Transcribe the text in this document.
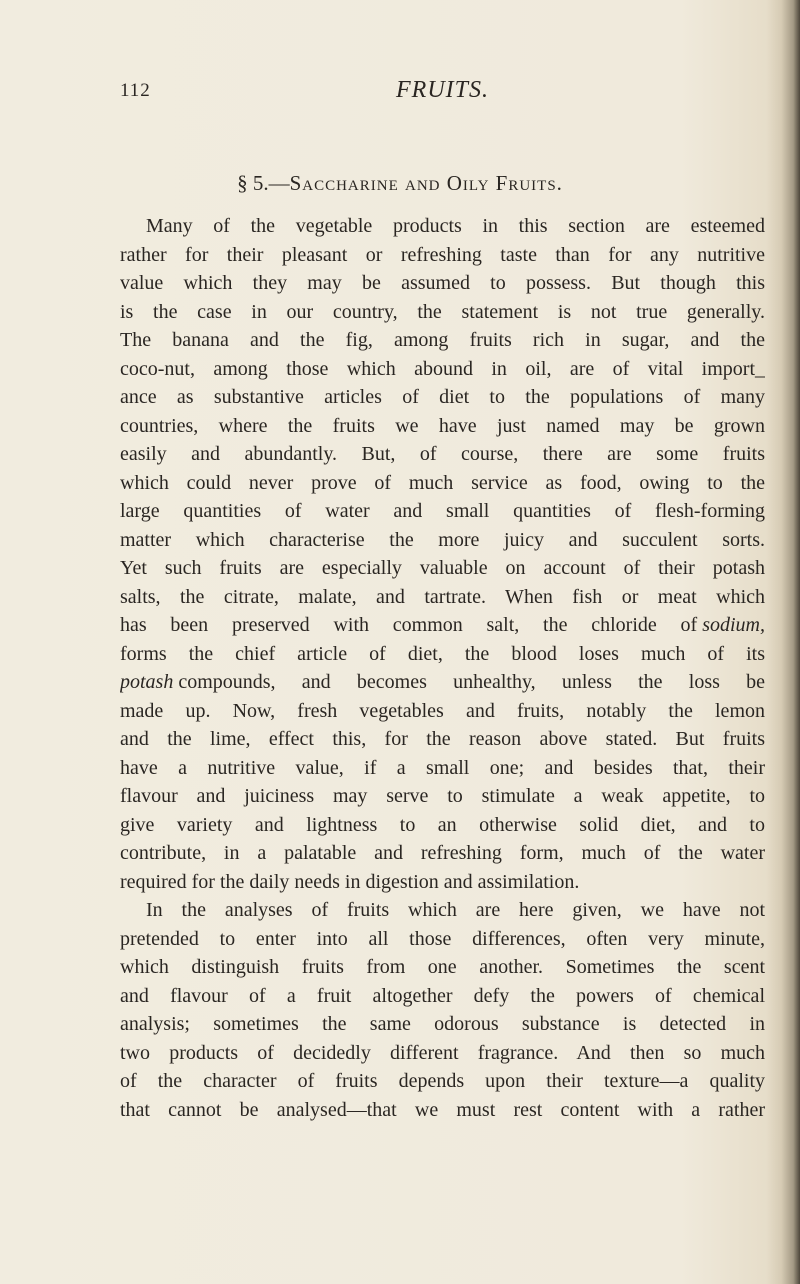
112	FRUITS.
§ 5.—Saccharine and Oily Fruits.
Many of the vegetable products in this section are esteemed
rather for their pleasant or refreshing taste than for any nutritive
value which they may be assumed to possess. But though this
is the case in our country, the statement is not true generally.
The banana and the fig, among fruits rich in sugar, and the
coco-nut, among those which abound in oil, are of vital import_
ance as substantive articles of diet to the populations of many
countries, where the fruits we have just named may be grown
easily and abundantly. But, of course, there are some fruits
which could never prove of much service as food, owing to the
large quantities of water and small quantities of flesh-forming
matter which characterise the more juicy and succulent sorts.
Yet such fruits are especially valuable on account of their potash
salts, the citrate, malate, and tartrate. When fish or meat which
has been preserved with common salt, the chloride of sodium,
forms the chief article of diet, the blood loses much of its
potash compounds, and becomes unhealthy, unless the loss be
made up. Now, fresh vegetables and fruits, notably the lemon
and the lime, effect this, for the reason above stated. But fruits
have a nutritive value, if a small one; and besides that, their
flavour and juiciness may serve to stimulate a weak appetite, to
give variety and lightness to an otherwise solid diet, and to
contribute, in a palatable and refreshing form, much of the water
required for the daily needs in digestion and assimilation.
In the analyses of fruits which are here given, we have not
pretended to enter into all those differences, often very minute,
which distinguish fruits from one another. Sometimes the scent
and flavour of a fruit altogether defy the powers of chemical
analysis; sometimes the same odorous substance is detected in
two products of decidedly different fragrance. And then so much
of the character of fruits depends upon their texture—a quality
that cannot be analysed—that we must rest content with a rather
